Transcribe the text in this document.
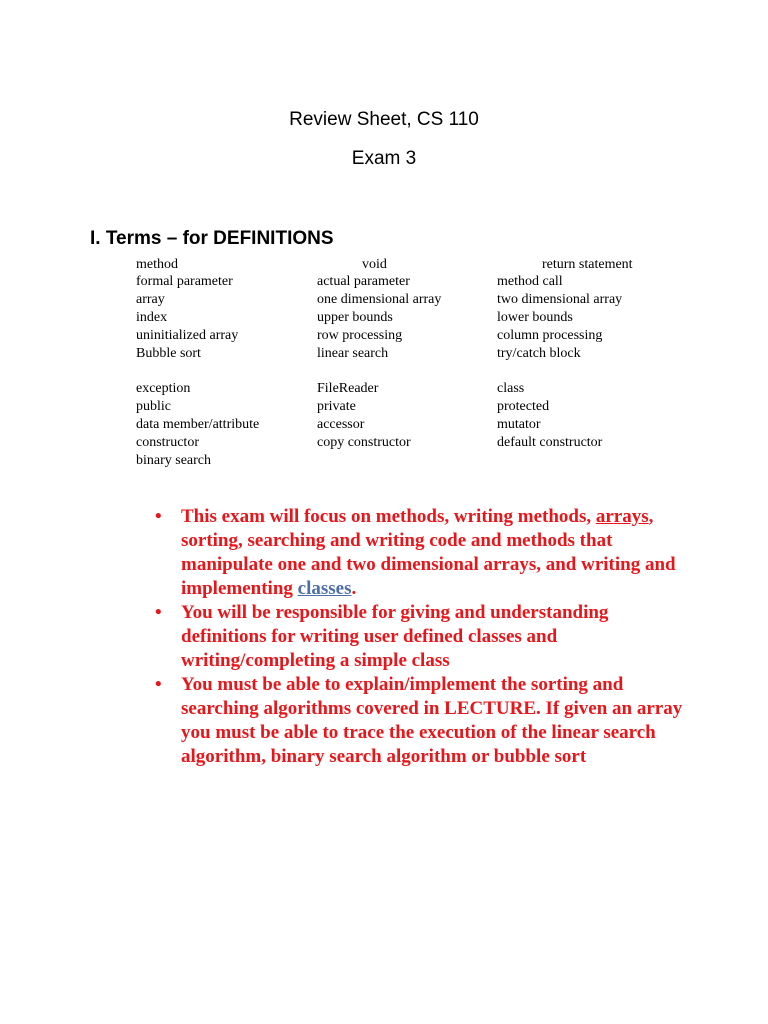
Review Sheet, CS 110
Exam 3
I. Terms – for DEFINITIONS
method
formal parameter
array
index
uninitialized array
Bubble sort
exception
public
data member/attribute
constructor
binary search
void
actual parameter
one dimensional array
upper bounds
row processing
linear search
FileReader
private
accessor
copy constructor
return statement
method call
two dimensional array
lower bounds
column processing
try/catch block
class
protected
mutator
default constructor
• This exam will focus on methods, writing methods, arrays, sorting, searching and writing code and methods that manipulate one and two dimensional arrays, and writing and implementing classes.
• You will be responsible for giving and understanding definitions for writing user defined classes and writing/completing a simple class
• You must be able to explain/implement the sorting and searching algorithms covered in LECTURE. If given an array you must be able to trace the execution of the linear search algorithm, binary search algorithm or bubble sort
